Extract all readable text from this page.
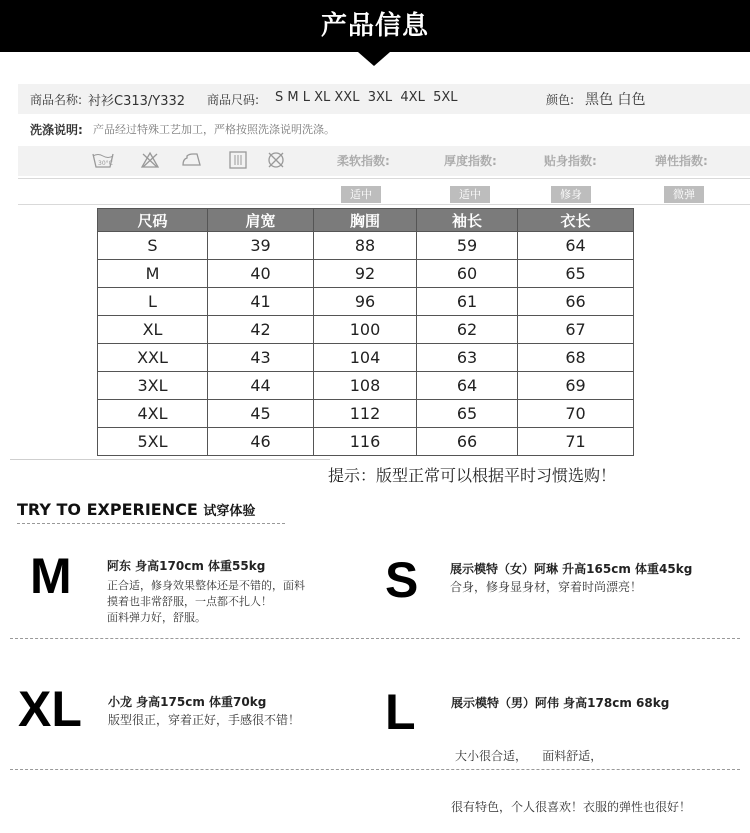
产品信息
商品名称: 衬衫C313/Y332 商品尺码: S M L XL XXL  3XL  4XL  5XL	颜色: 黑色 白色
洗涤说明: 产品经过特殊工艺加工，严格按照洗涤说明洗涤。
30°C	柔软指数:	厚度指数:	贴身指数:	弹性指数:
适中	适中	修身	微弹
尺码	肩宽	胸围	袖长	衣长
S	39	88	59	64
M	40	92	60	65
L	41	96	61	66
XL	42	100	62	67
XXL	43	104	63	68
3XL	44	108	64	69
4XL	45	112	65	70
5XL	46	116	66	71
提示：版型正常可以根据平时习惯选购！
TRY TO EXPERIENCE 试穿体验
M	阿东 身高170cm 体重55kg
正合适，修身效果整体还是不错的，面料
摸着也非常舒服，一点都不扎人！
面料弹力好，舒服。
S	展示模特（女）阿琳 升高165cm 体重45kg
合身，修身显身材，穿着时尚漂亮！
XL 小龙 身高175cm 体重70kg
版型很正，穿着正好，手感很不错！ L	展示模特（男）阿伟 身高178cm 68kg

大小很合适，    面料舒适，

很有特色，个人很喜欢！衣服的弹性也很好！
